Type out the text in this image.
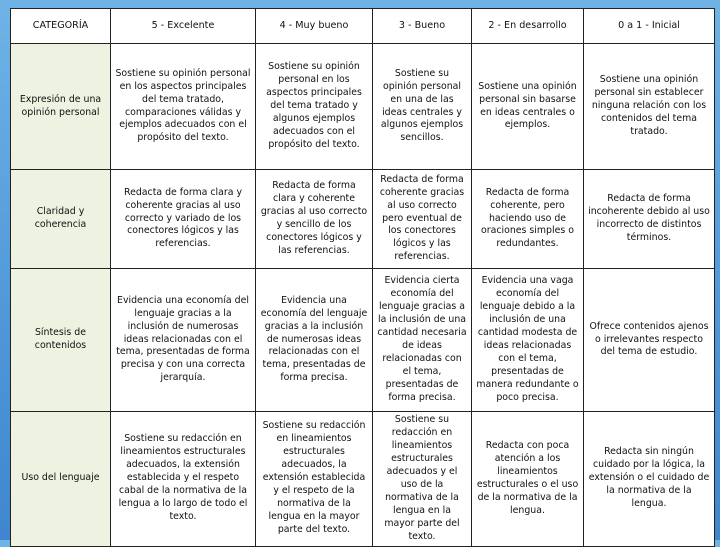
CATEGORÍA	5 - Excelente	4 - Muy bueno	3 - Bueno	2 - En desarrollo	0 a 1 - Inicial
Expresión de una opinión personal	Sostiene su opinión personal en los aspectos principales del tema tratado, comparaciones válidas y ejemplos adecuados con el propósito del texto.	Sostiene su opinión personal en los aspectos principales del tema tratado y algunos ejemplos adecuados con el propósito del texto.	Sostiene su opinión personal en una de las ideas centrales y algunos ejemplos sencillos.	Sostiene una opinión personal sin basarse en ideas centrales o ejemplos.	Sostiene una opinión personal sin establecer ninguna relación con los contenidos del tema tratado.
Claridad y coherencia	Redacta de forma clara y coherente gracias al uso correcto y variado de los conectores lógicos y las referencias.	Redacta de forma clara y coherente gracias al uso correcto y sencillo de los conectores lógicos y las referencias.	Redacta de forma coherente gracias al uso correcto pero eventual de los conectores lógicos y las referencias.	Redacta de forma coherente, pero haciendo uso de oraciones simples o redundantes.	Redacta de forma incoherente debido al uso incorrecto de distintos términos.
Síntesis de contenidos	Evidencia una economía del lenguaje gracias a la inclusión de numerosas ideas relacionadas con el tema, presentadas de forma precisa y con una correcta jerarquía.	Evidencia una economía del lenguaje gracias a la inclusión de numerosas ideas relacionadas con el tema, presentadas de forma precisa.	Evidencia cierta economía del lenguaje gracias a la inclusión de una cantidad necesaria de ideas relacionadas con el tema, presentadas de forma precisa.	Evidencia una vaga economía del lenguaje debido a la inclusión de una cantidad modesta de ideas relacionadas con el tema, presentadas de manera redundante o poco precisa.	Ofrece contenidos ajenos o irrelevantes respecto del tema de estudio.
Uso del lenguaje	Sostiene su redacción en lineamientos estructurales adecuados, la extensión establecida y el respeto cabal de la normativa de la lengua a lo largo de todo el texto.	Sostiene su redacción en lineamientos estructurales adecuados, la extensión establecida y el respeto de la normativa de la lengua en la mayor parte del texto.	Sostiene su redacción en lineamientos estructurales adecuados y el uso de la normativa de la lengua en la mayor parte del texto.	Redacta con poca atención a los lineamientos estructurales o el uso de la normativa de la lengua.	Redacta sin ningún cuidado por la lógica, la extensión o el cuidado de la normativa de la lengua.
